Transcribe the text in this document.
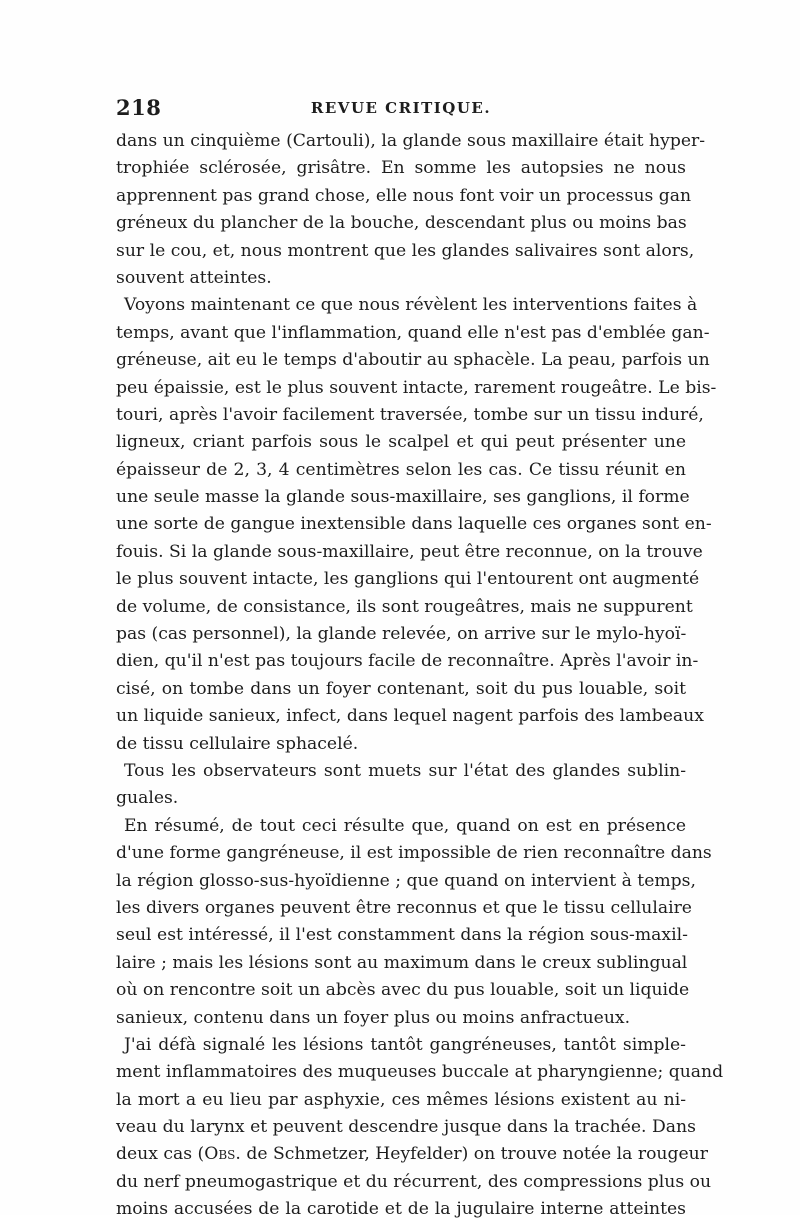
218	REVUE CRITIQUE.
dans un cinquième (Cartouli), la glande sous maxillaire était hyper-
trophiée sclérosée, grisâtre. En somme les autopsies ne nous
apprennent pas grand chose, elle nous font voir un processus gan
gréneux du plancher de la bouche, descendant plus ou moins bas
sur le cou, et, nous montrent que les glandes salivaires sont alors,
souvent atteintes.
Voyons maintenant ce que nous révèlent les interventions faites à
temps, avant que l'inflammation, quand elle n'est pas d'emblée gan-
gréneuse, ait eu le temps d'aboutir au sphacèle. La peau, parfois un
peu épaissie, est le plus souvent intacte, rarement rougeâtre. Le bis-
touri, après l'avoir facilement traversée, tombe sur un tissu induré,
ligneux, criant parfois sous le scalpel et qui peut présenter une
épaisseur de 2, 3, 4 centimètres selon les cas. Ce tissu réunit en
une seule masse la glande sous-maxillaire, ses ganglions, il forme
une sorte de gangue inextensible dans laquelle ces organes sont en-
fouis. Si la glande sous-maxillaire, peut être reconnue, on la trouve
le plus souvent intacte, les ganglions qui l'entourent ont augmenté
de volume, de consistance, ils sont rougeâtres, mais ne suppurent
pas (cas personnel), la glande relevée, on arrive sur le mylo-hyoï-
dien, qu'il n'est pas toujours facile de reconnaître. Après l'avoir in-
cisé, on tombe dans un foyer contenant, soit du pus louable, soit
un liquide sanieux, infect, dans lequel nagent parfois des lambeaux
de tissu cellulaire sphacelé.
Tous les observateurs sont muets sur l'état des glandes sublin-
guales.
En résumé, de tout ceci résulte que, quand on est en présence
d'une forme gangréneuse, il est impossible de rien reconnaître dans
la région glosso-sus-hyoïdienne ; que quand on intervient à temps,
les divers organes peuvent être reconnus et que le tissu cellulaire
seul est intéressé, il l'est constamment dans la région sous-maxil-
laire ; mais les lésions sont au maximum dans le creux sublingual
où on rencontre soit un abcès avec du pus louable, soit un liquide
sanieux, contenu dans un foyer plus ou moins anfractueux.
J'ai défà signalé les lésions tantôt gangréneuses, tantôt simple-
ment inflammatoires des muqueuses buccale at pharyngienne; quand
la mort a eu lieu par asphyxie, ces mêmes lésions existent au ni-
veau du larynx et peuvent descendre jusque dans la trachée. Dans
deux cas (Obs. de Schmetzer, Heyfelder) on trouve notée la rougeur
du nerf pneumogastrique et du récurrent, des compressions plus ou
moins accusées de la carotide et de la jugulaire interne atteintes
